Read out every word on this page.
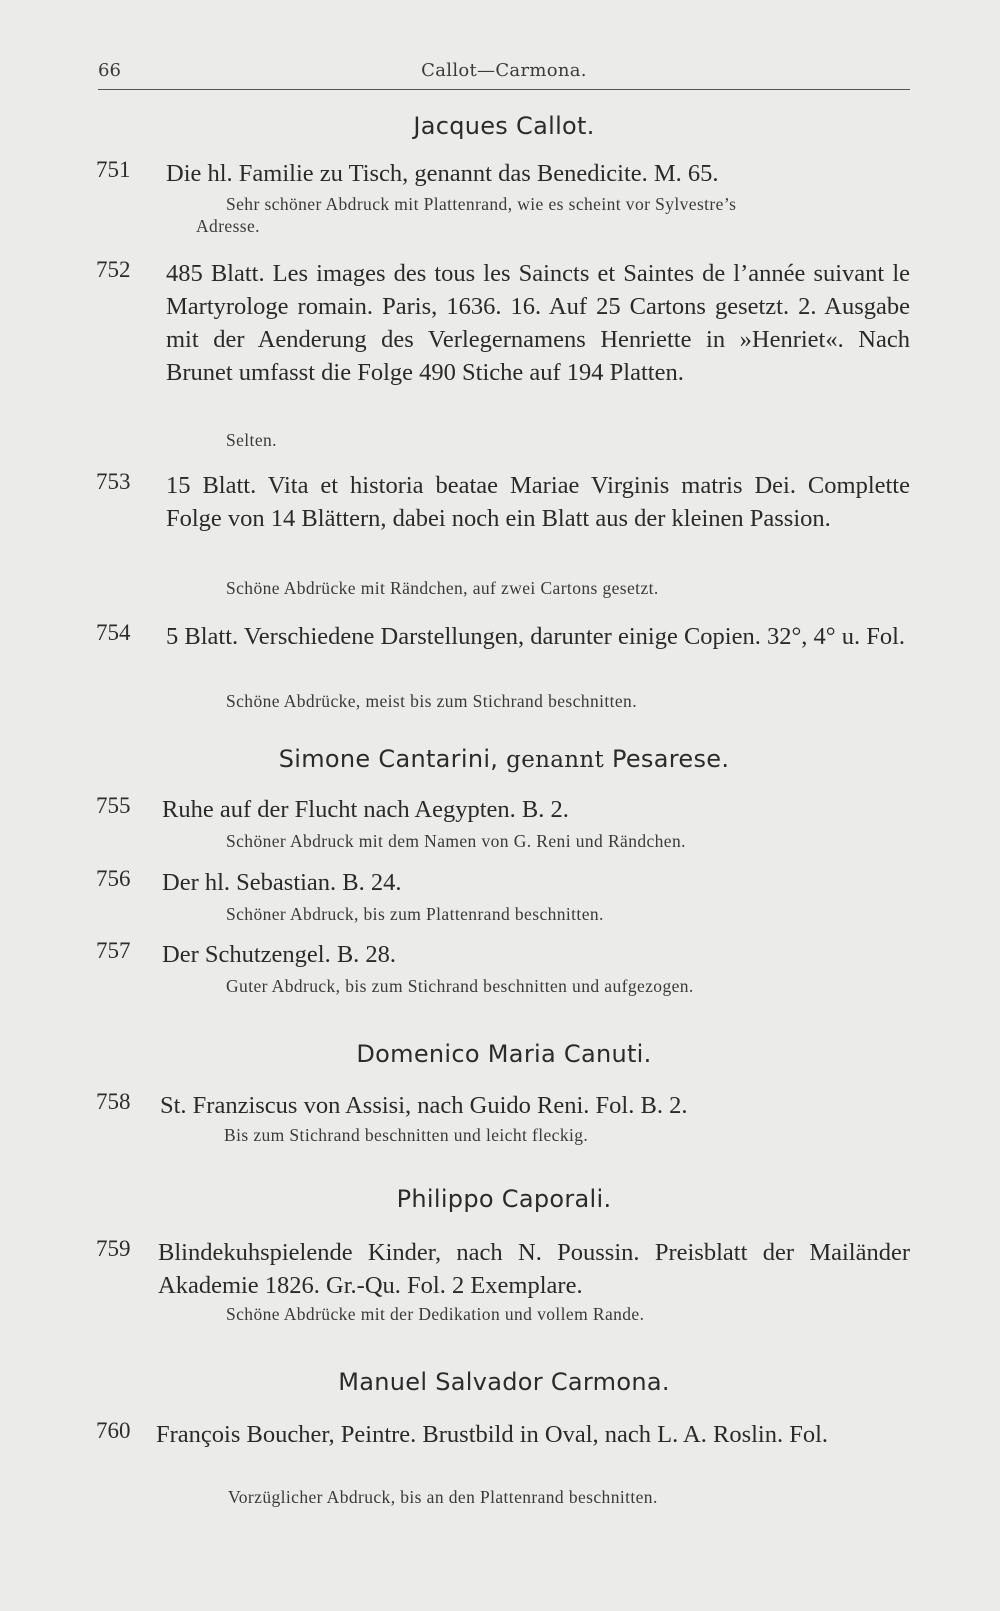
66	Callot—Carmona.
Jacques Callot.
751 Die hl. Familie zu Tisch, genannt das Benedicite. M. 65.
Sehr schöner Abdruck mit Plattenrand, wie es scheint vor Sylvestre’s
Adresse.
752 485 Blatt. Les images des tous les Saincts et Saintes de l’année suivant le Martyrologe romain. Paris, 1636. 16. Auf 25 Cartons gesetzt. 2. Ausgabe mit der Aenderung des Verlegernamens Henriette in »Henriet«. Nach Brunet umfasst die Folge 490 Stiche auf 194 Platten.
Selten.
753 15 Blatt. Vita et historia beatae Mariae Virginis matris Dei. Complette Folge von 14 Blättern, dabei noch ein Blatt aus der kleinen Passion.
Schöne Abdrücke mit Rändchen, auf zwei Cartons gesetzt.
754 5 Blatt. Verschiedene Darstellungen, darunter einige Copien. 32°, 4° u. Fol.
Schöne Abdrücke, meist bis zum Stichrand beschnitten.
Simone Cantarini, genannt Pesarese.
755 Ruhe auf der Flucht nach Aegypten. B. 2.
Schöner Abdruck mit dem Namen von G. Reni und Rändchen.
756 Der hl. Sebastian. B. 24.
Schöner Abdruck, bis zum Plattenrand beschnitten.
757 Der Schutzengel. B. 28.
Guter Abdruck, bis zum Stichrand beschnitten und aufgezogen.
Domenico Maria Canuti.
758 St. Franziscus von Assisi, nach Guido Reni. Fol. B. 2.
Bis zum Stichrand beschnitten und leicht fleckig.
Philippo Caporali.
759 Blindekuhspielende Kinder, nach N. Poussin. Preisblatt der Mailänder Akademie 1826. Gr.-Qu. Fol. 2 Exemplare.
Schöne Abdrücke mit der Dedikation und vollem Rande.
Manuel Salvador Carmona.
760 François Boucher, Peintre. Brustbild in Oval, nach L. A. Roslin. Fol.
Vorzüglicher Abdruck, bis an den Plattenrand beschnitten.
